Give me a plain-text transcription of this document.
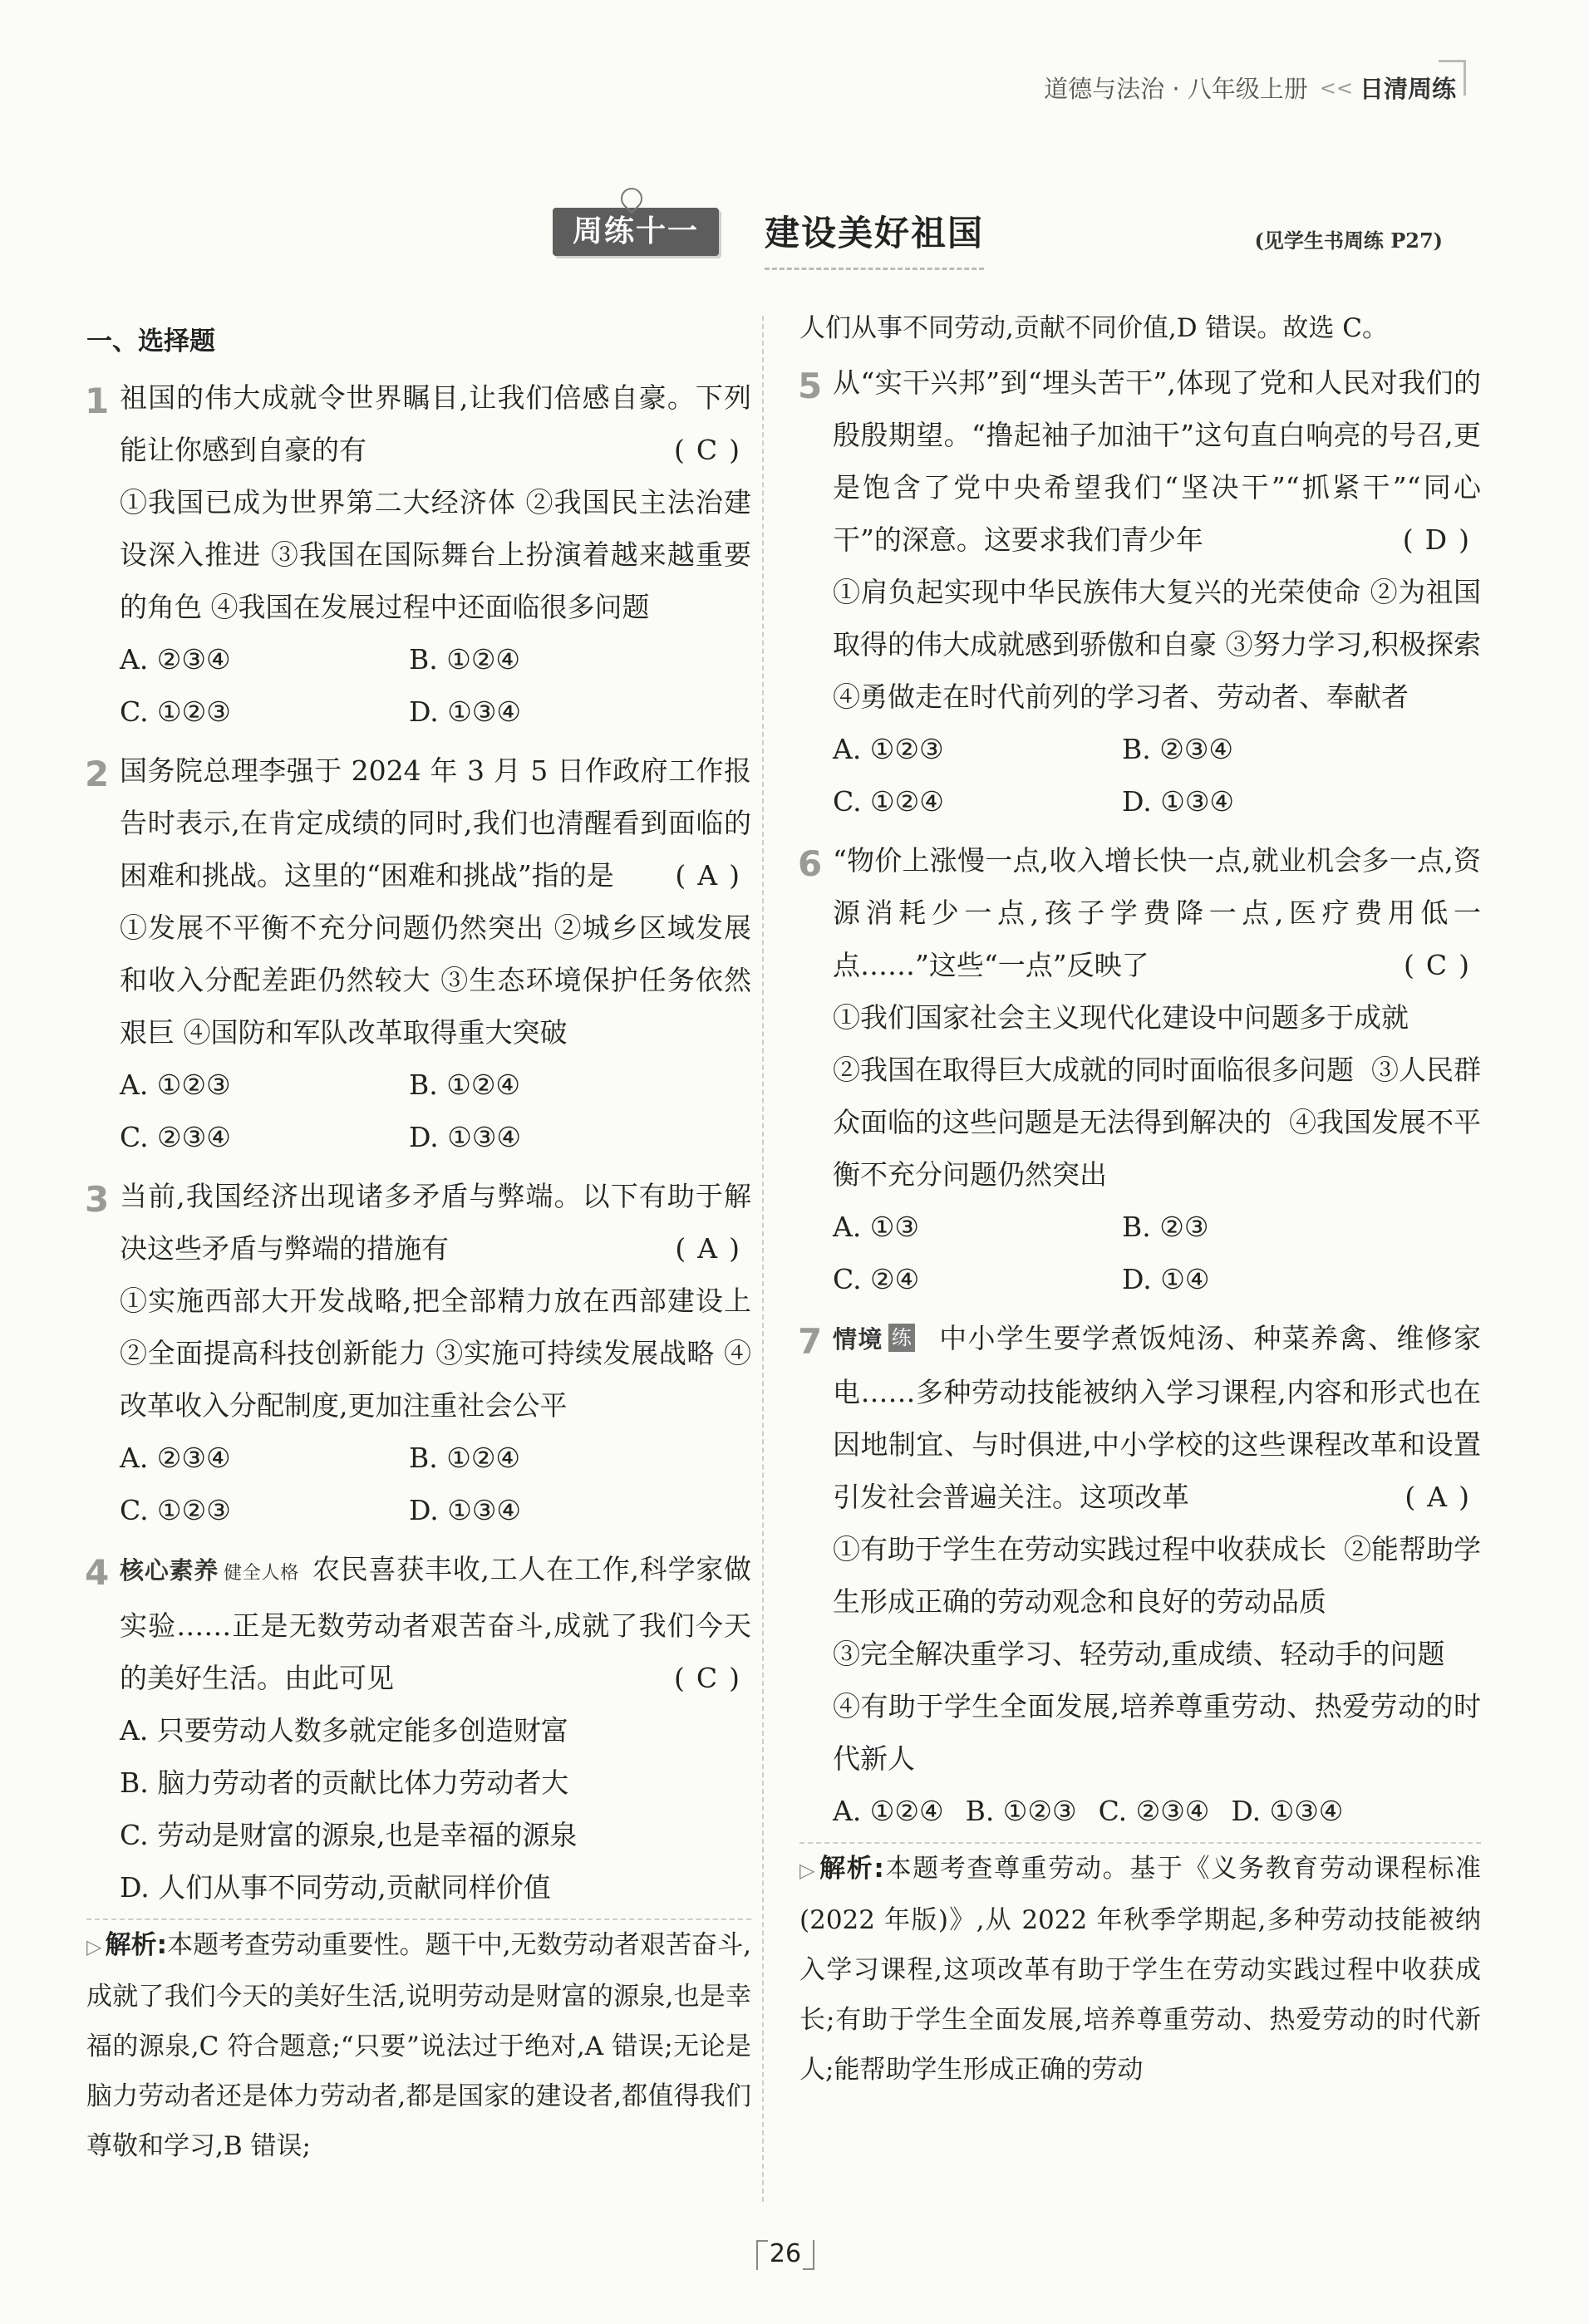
道德与法治 · 八年级上册 << 日清周练
周练十一	建设美好祖国	(见学生书周练 P27)
一、选择题
1 祖国的伟大成就令世界瞩目,让我们倍感自豪。下列能让你感到自豪的有	(C)
①我国已成为世界第二大经济体 ②我国民主法治建设深入推进 ③我国在国际舞台上扮演着越来越重要的角色 ④我国在发展过程中还面临很多问题
A. ②③④	B. ①②④
C. ①②③	D. ①③④
2 国务院总理李强于 2024 年 3 月 5 日作政府工作报告时表示,在肯定成绩的同时,我们也清醒看到面临的困难和挑战。这里的“困难和挑战”指的是 (A)
①发展不平衡不充分问题仍然突出 ②城乡区域发展和收入分配差距仍然较大 ③生态环境保护任务依然艰巨 ④国防和军队改革取得重大突破
A. ①②③	B. ①②④
C. ②③④	D. ①③④
3 当前,我国经济出现诸多矛盾与弊端。以下有助于解决这些矛盾与弊端的措施有	(A)
①实施西部大开发战略,把全部精力放在西部建设上 ②全面提高科技创新能力 ③实施可持续发展战略 ④改革收入分配制度,更加注重社会公平
A. ②③④	B. ①②④
C. ①②③	D. ①③④
4 核心素养 健全人格 农民喜获丰收,工人在工作,科学家做实验……正是无数劳动者艰苦奋斗,成就了我们今天的美好生活。由此可见	(C)
A. 只要劳动人数多就定能多创造财富
B. 脑力劳动者的贡献比体力劳动者大
C. 劳动是财富的源泉,也是幸福的源泉
D. 人们从事不同劳动,贡献同样价值
▷ 解析:本题考查劳动重要性。题干中,无数劳动者艰苦奋斗,成就了我们今天的美好生活,说明劳动是财富的源泉,也是幸福的源泉,C 符合题意;“只要”说法过于绝对,A 错误;无论是脑力劳动者还是体力劳动者,都是国家的建设者,都值得我们尊敬和学习,B 错误;
人们从事不同劳动,贡献不同价值,D 错误。故选 C。
5 从“实干兴邦”到“埋头苦干”,体现了党和人民对我们的殷殷期望。“撸起袖子加油干”这句直白响亮的号召,更是饱含了党中央希望我们“坚决干”“抓紧干”“同心干”的深意。这要求我们青少年	(D)
①肩负起实现中华民族伟大复兴的光荣使命 ②为祖国取得的伟大成就感到骄傲和自豪 ③努力学习,积极探索 ④勇做走在时代前列的学习者、劳动者、奉献者
A. ①②③	B. ②③④
C. ①②④	D. ①③④
6 “物价上涨慢一点,收入增长快一点,就业机会多一点,资源消耗少一点,孩子学费降一点,医疗费用低一点……”这些“一点”反映了	(C)
①我们国家社会主义现代化建设中问题多于成就
②我国在取得巨大成就的同时面临很多问题  ③人民群众面临的这些问题是无法得到解决的  ④我国发展不平衡不充分问题仍然突出
A. ①③	B. ②③
C. ②④	D. ①④
7 情境 练 中小学生要学煮饭炖汤、种菜养禽、维修家电……多种劳动技能被纳入学习课程,内容和形式也在因地制宜、与时俱进,中小学校的这些课程改革和设置引发社会普遍关注。这项改革	(A)
①有助于学生在劳动实践过程中收获成长  ②能帮助学生形成正确的劳动观念和良好的劳动品质
③完全解决重学习、轻劳动,重成绩、轻动手的问题
④有助于学生全面发展,培养尊重劳动、热爱劳动的时代新人
A. ①②④ B. ①②③ C. ②③④ D. ①③④
▷ 解析:本题考查尊重劳动。基于《义务教育劳动课程标准(2022 年版)》,从 2022 年秋季学期起,多种劳动技能被纳入学习课程,这项改革有助于学生在劳动实践过程中收获成长;有助于学生全面发展,培养尊重劳动、热爱劳动的时代新人;能帮助学生形成正确的劳动
26
